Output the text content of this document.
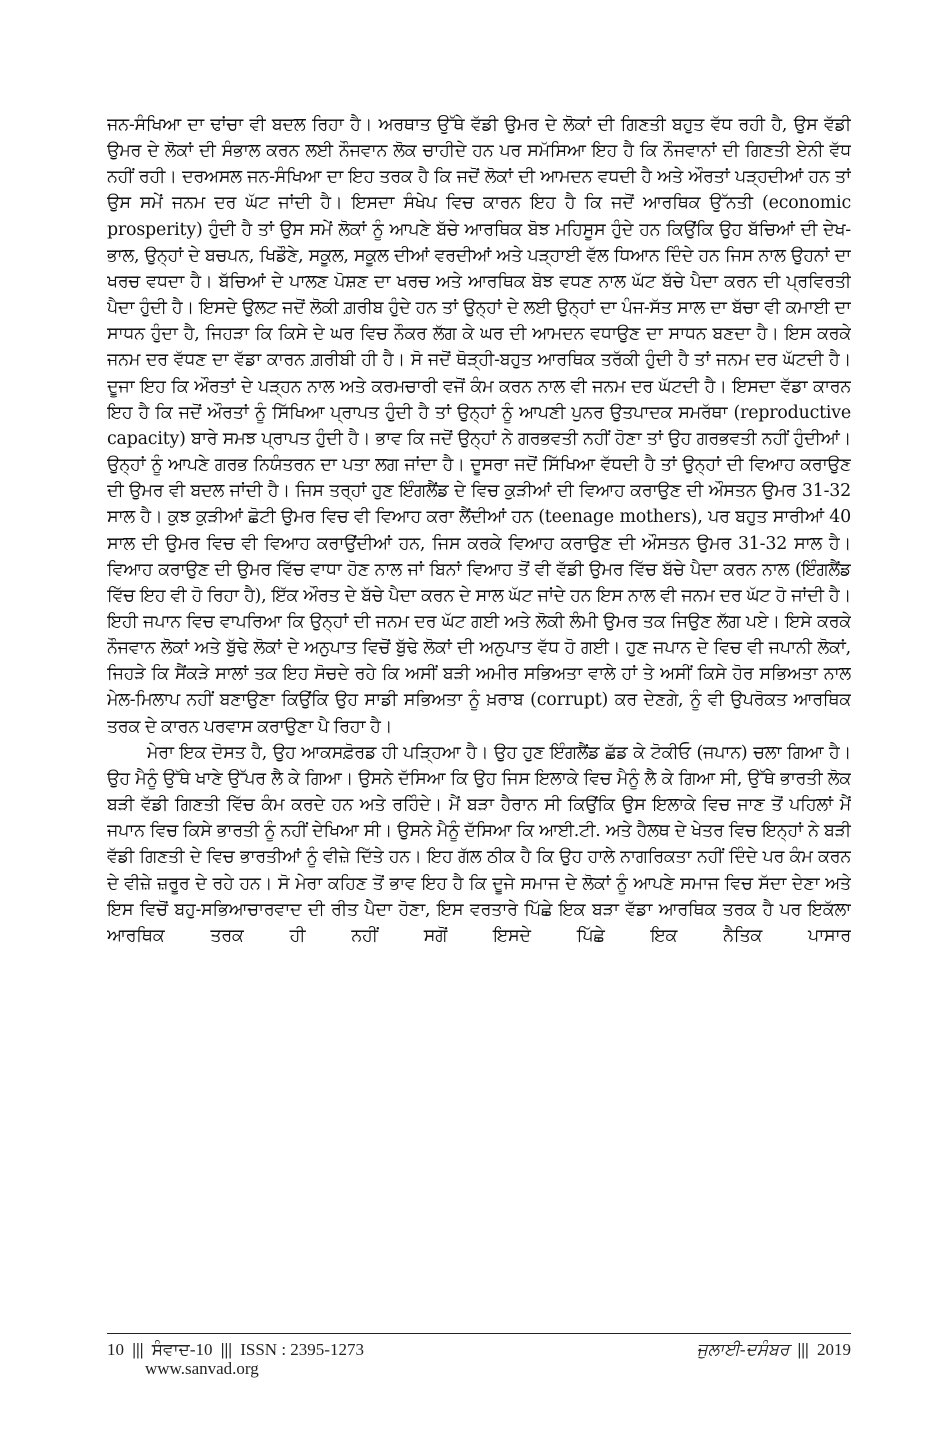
ਜਨ-ਸੰਖਿਆ ਦਾ ਢਾਂਚਾ ਵੀ ਬਦਲ ਰਿਹਾ ਹੈ। ਅਰਥਾਤ ਉੱਥੇ ਵੱਡੀ ਉਮਰ ਦੇ ਲੋਕਾਂ ਦੀ ਗਿਣਤੀ ਬਹੁਤ ਵੱਧ ਰਹੀ ਹੈ, ਉਸ ਵੱਡੀ ਉਮਰ ਦੇ ਲੋਕਾਂ ਦੀ ਸੰਭਾਲ ਕਰਨ ਲਈ ਨੌਜਵਾਨ ਲੋਕ ਚਾਹੀਦੇ ਹਨ ਪਰ ਸਮੱਸਿਆ ਇਹ ਹੈ ਕਿ ਨੌਜਵਾਨਾਂ ਦੀ ਗਿਣਤੀ ਏਨੀ ਵੱਧ ਨਹੀਂ ਰਹੀ। ਦਰਅਸਲ ਜਨ-ਸੰਖਿਆ ਦਾ ਇਹ ਤਰਕ ਹੈ ਕਿ ਜਦੋਂ ਲੋਕਾਂ ਦੀ ਆਮਦਨ ਵਧਦੀ ਹੈ ਅਤੇ ਔਰਤਾਂ ਪੜ੍ਹਦੀਆਂ ਹਨ ਤਾਂ ਉਸ ਸਮੇਂ ਜਨਮ ਦਰ ਘੱਟ ਜਾਂਦੀ ਹੈ। ਇਸਦਾ ਸੰਖੇਪ ਵਿਚ ਕਾਰਨ ਇਹ ਹੈ ਕਿ ਜਦੋਂ ਆਰਥਿਕ ਉੱਨਤੀ (economic prosperity) ਹੁੰਦੀ ਹੈ ਤਾਂ ਉਸ ਸਮੇਂ ਲੋਕਾਂ ਨੂੰ ਆਪਣੇ ਬੱਚੇ ਆਰਥਿਕ ਬੋਝ ਮਹਿਸੂਸ ਹੁੰਦੇ ਹਨ ਕਿਉਂਕਿ ਉਹ ਬੱਚਿਆਂ ਦੀ ਦੇਖ-ਭਾਲ, ਉਨ੍ਹਾਂ ਦੇ ਬਚਪਨ, ਖਿਡੌਣੇ, ਸਕੂਲ, ਸਕੂਲ ਦੀਆਂ ਵਰਦੀਆਂ ਅਤੇ ਪੜ੍ਹਾਈ ਵੱਲ ਧਿਆਨ ਦਿੰਦੇ ਹਨ ਜਿਸ ਨਾਲ ਉਹਨਾਂ ਦਾ ਖਰਚ ਵਧਦਾ ਹੈ। ਬੱਚਿਆਂ ਦੇ ਪਾਲਣ ਪੋਸ਼ਣ ਦਾ ਖਰਚ ਅਤੇ ਆਰਥਿਕ ਬੋਝ ਵਧਣ ਨਾਲ ਘੱਟ ਬੱਚੇ ਪੈਦਾ ਕਰਨ ਦੀ ਪ੍ਰਵਿਰਤੀ ਪੈਦਾ ਹੁੰਦੀ ਹੈ। ਇਸਦੇ ਉਲਟ ਜਦੋਂ ਲੋਕੀ ਗ਼ਰੀਬ ਹੁੰਦੇ ਹਨ ਤਾਂ ਉਨ੍ਹਾਂ ਦੇ ਲਈ ਉਨ੍ਹਾਂ ਦਾ ਪੰਜ-ਸੱਤ ਸਾਲ ਦਾ ਬੱਚਾ ਵੀ ਕਮਾਈ ਦਾ ਸਾਧਨ ਹੁੰਦਾ ਹੈ, ਜਿਹੜਾ ਕਿ ਕਿਸੇ ਦੇ ਘਰ ਵਿਚ ਨੌਕਰ ਲੱਗ ਕੇ ਘਰ ਦੀ ਆਮਦਨ ਵਧਾਉਣ ਦਾ ਸਾਧਨ ਬਣਦਾ ਹੈ। ਇਸ ਕਰਕੇ ਜਨਮ ਦਰ ਵੱਧਣ ਦਾ ਵੱਡਾ ਕਾਰਨ ਗ਼ਰੀਬੀ ਹੀ ਹੈ। ਸੋ ਜਦੋਂ ਥੋੜ੍ਹੀ-ਬਹੁਤ ਆਰਥਿਕ ਤਰੱਕੀ ਹੁੰਦੀ ਹੈ ਤਾਂ ਜਨਮ ਦਰ ਘੱਟਦੀ ਹੈ। ਦੂਜਾ ਇਹ ਕਿ ਔਰਤਾਂ ਦੇ ਪੜ੍ਹਨ ਨਾਲ ਅਤੇ ਕਰਮਚਾਰੀ ਵਜੋਂ ਕੰਮ ਕਰਨ ਨਾਲ ਵੀ ਜਨਮ ਦਰ ਘੱਟਦੀ ਹੈ। ਇਸਦਾ ਵੱਡਾ ਕਾਰਨ ਇਹ ਹੈ ਕਿ ਜਦੋਂ ਔਰਤਾਂ ਨੂੰ ਸਿੱਖਿਆ ਪ੍ਰਾਪਤ ਹੁੰਦੀ ਹੈ ਤਾਂ ਉਨ੍ਹਾਂ ਨੂੰ ਆਪਣੀ ਪੁਨਰ ਉਤਪਾਦਕ ਸਮਰੱਥਾ (reproductive capacity) ਬਾਰੇ ਸਮਝ ਪ੍ਰਾਪਤ ਹੁੰਦੀ ਹੈ। ਭਾਵ ਕਿ ਜਦੋਂ ਉਨ੍ਹਾਂ ਨੇ ਗਰਭਵਤੀ ਨਹੀਂ ਹੋਣਾ ਤਾਂ ਉਹ ਗਰਭਵਤੀ ਨਹੀਂ ਹੁੰਦੀਆਂ। ਉਨ੍ਹਾਂ ਨੂੰ ਆਪਣੇ ਗਰਭ ਨਿਯੰਤਰਨ ਦਾ ਪਤਾ ਲਗ ਜਾਂਦਾ ਹੈ। ਦੂਸਰਾ ਜਦੋਂ ਸਿੱਖਿਆ ਵੱਧਦੀ ਹੈ ਤਾਂ ਉਨ੍ਹਾਂ ਦੀ ਵਿਆਹ ਕਰਾਉਣ ਦੀ ਉਮਰ ਵੀ ਬਦਲ ਜਾਂਦੀ ਹੈ। ਜਿਸ ਤਰ੍ਹਾਂ ਹੁਣ ਇੰਗਲੈਂਡ ਦੇ ਵਿਚ ਕੁੜੀਆਂ ਦੀ ਵਿਆਹ ਕਰਾਉਣ ਦੀ ਔਸਤਨ ਉਮਰ 31-32 ਸਾਲ ਹੈ। ਕੁਝ ਕੁੜੀਆਂ ਛੋਟੀ ਉਮਰ ਵਿਚ ਵੀ ਵਿਆਹ ਕਰਾ ਲੈਂਦੀਆਂ ਹਨ (teenage mothers), ਪਰ ਬਹੁਤ ਸਾਰੀਆਂ 40 ਸਾਲ ਦੀ ਉਮਰ ਵਿਚ ਵੀ ਵਿਆਹ ਕਰਾਉਂਦੀਆਂ ਹਨ, ਜਿਸ ਕਰਕੇ ਵਿਆਹ ਕਰਾਉਣ ਦੀ ਔਸਤਨ ਉਮਰ 31-32 ਸਾਲ ਹੈ। ਵਿਆਹ ਕਰਾਉਣ ਦੀ ਉਮਰ ਵਿੱਚ ਵਾਧਾ ਹੋਣ ਨਾਲ ਜਾਂ ਬਿਨਾਂ ਵਿਆਹ ਤੋਂ ਵੀ ਵੱਡੀ ਉਮਰ ਵਿੱਚ ਬੱਚੇ ਪੈਦਾ ਕਰਨ ਨਾਲ (ਇੰਗਲੈਂਡ ਵਿੱਚ ਇਹ ਵੀ ਹੋ ਰਿਹਾ ਹੈ), ਇੱਕ ਔਰਤ ਦੇ ਬੱਚੇ ਪੈਦਾ ਕਰਨ ਦੇ ਸਾਲ ਘੱਟ ਜਾਂਦੇ ਹਨ ਇਸ ਨਾਲ ਵੀ ਜਨਮ ਦਰ ਘੱਟ ਹੋ ਜਾਂਦੀ ਹੈ। ਇਹੀ ਜਪਾਨ ਵਿਚ ਵਾਪਰਿਆ ਕਿ ਉਨ੍ਹਾਂ ਦੀ ਜਨਮ ਦਰ ਘੱਟ ਗਈ ਅਤੇ ਲੋਕੀ ਲੰਮੀ ਉਮਰ ਤਕ ਜਿਉਣ ਲੱਗ ਪਏ। ਇਸੇ ਕਰਕੇ ਨੌਜਵਾਨ ਲੋਕਾਂ ਅਤੇ ਬੁੱਢੇ ਲੋਕਾਂ ਦੇ ਅਨੁਪਾਤ ਵਿਚੋਂ ਬੁੱਢੇ ਲੋਕਾਂ ਦੀ ਅਨੁਪਾਤ ਵੱਧ ਹੋ ਗਈ। ਹੁਣ ਜਪਾਨ ਦੇ ਵਿਚ ਵੀ ਜਪਾਨੀ ਲੋਕਾਂ, ਜਿਹੜੇ ਕਿ ਸੈਂਕੜੇ ਸਾਲਾਂ ਤਕ ਇਹ ਸੋਚਦੇ ਰਹੇ ਕਿ ਅਸੀਂ ਬੜੀ ਅਮੀਰ ਸਭਿਅਤਾ ਵਾਲੇ ਹਾਂ ਤੇ ਅਸੀਂ ਕਿਸੇ ਹੋਰ ਸਭਿਅਤਾ ਨਾਲ ਮੇਲ-ਮਿਲਾਪ ਨਹੀਂ ਬਣਾਉਣਾ ਕਿਉਂਕਿ ਉਹ ਸਾਡੀ ਸਭਿਅਤਾ ਨੂੰ ਖ਼ਰਾਬ (corrupt) ਕਰ ਦੇਣਗੇ, ਨੂੰ ਵੀ ਉਪਰੋਕਤ ਆਰਥਿਕ ਤਰਕ ਦੇ ਕਾਰਨ ਪਰਵਾਸ ਕਰਾਉਣਾ ਪੈ ਰਿਹਾ ਹੈ।

ਮੇਰਾ ਇਕ ਦੋਸਤ ਹੈ, ਉਹ ਆਕਸਫ਼ੋਰਡ ਹੀ ਪੜ੍ਹਿਆ ਹੈ। ਉਹ ਹੁਣ ਇੰਗਲੈਂਡ ਛੱਡ ਕੇ ਟੋਕੀਓ (ਜਪਾਨ) ਚਲਾ ਗਿਆ ਹੈ। ਉਹ ਮੈਨੂੰ ਉੱਥੇ ਖਾਣੇ ਉੱਪਰ ਲੈ ਕੇ ਗਿਆ। ਉਸਨੇ ਦੱਸਿਆ ਕਿ ਉਹ ਜਿਸ ਇਲਾਕੇ ਵਿਚ ਮੈਨੂੰ ਲੈ ਕੇ ਗਿਆ ਸੀ, ਉੱਥੇ ਭਾਰਤੀ ਲੋਕ ਬੜੀ ਵੱਡੀ ਗਿਣਤੀ ਵਿੱਚ ਕੰਮ ਕਰਦੇ ਹਨ ਅਤੇ ਰਹਿੰਦੇ। ਮੈਂ ਬੜਾ ਹੈਰਾਨ ਸੀ ਕਿਉਂਕਿ ਉਸ ਇਲਾਕੇ ਵਿਚ ਜਾਣ ਤੋਂ ਪਹਿਲਾਂ ਮੈਂ ਜਪਾਨ ਵਿਚ ਕਿਸੇ ਭਾਰਤੀ ਨੂੰ ਨਹੀਂ ਦੇਖਿਆ ਸੀ। ਉਸਨੇ ਮੈਨੂੰ ਦੱਸਿਆ ਕਿ ਆਈ.ਟੀ. ਅਤੇ ਹੈਲਥ ਦੇ ਖੇਤਰ ਵਿਚ ਇਨ੍ਹਾਂ ਨੇ ਬੜੀ ਵੱਡੀ ਗਿਣਤੀ ਦੇ ਵਿਚ ਭਾਰਤੀਆਂ ਨੂੰ ਵੀਜ਼ੇ ਦਿੱਤੇ ਹਨ। ਇਹ ਗੱਲ ਠੀਕ ਹੈ ਕਿ ਉਹ ਹਾਲੇ ਨਾਗਰਿਕਤਾ ਨਹੀਂ ਦਿੰਦੇ ਪਰ ਕੰਮ ਕਰਨ ਦੇ ਵੀਜ਼ੇ ਜ਼ਰੂਰ ਦੇ ਰਹੇ ਹਨ। ਸੋ ਮੇਰਾ ਕਹਿਣ ਤੋਂ ਭਾਵ ਇਹ ਹੈ ਕਿ ਦੂਜੇ ਸਮਾਜ ਦੇ ਲੋਕਾਂ ਨੂੰ ਆਪਣੇ ਸਮਾਜ ਵਿਚ ਸੱਦਾ ਦੇਣਾ ਅਤੇ ਇਸ ਵਿਚੋਂ ਬਹੁ-ਸਭਿਆਚਾਰਵਾਦ ਦੀ ਰੀਤ ਪੈਦਾ ਹੋਣਾ, ਇਸ ਵਰਤਾਰੇ ਪਿੱਛੇ ਇਕ ਬੜਾ ਵੱਡਾ ਆਰਥਿਕ ਤਰਕ ਹੈ ਪਰ ਇਕੱਲਾ ਆਰਥਿਕ ਤਰਕ ਹੀ ਨਹੀਂ ਸਗੋਂ ਇਸਦੇ ਪਿੱਛੇ ਇਕ ਨੈਤਿਕ ਪਾਸਾਰ

10 ||| ਸੰਵਾਦ-10 ||| ISSN : 2395-1273
www.sanvad.org
ਜੁਲਾਈ-ਦਸੰਬਰ ||| 2019
